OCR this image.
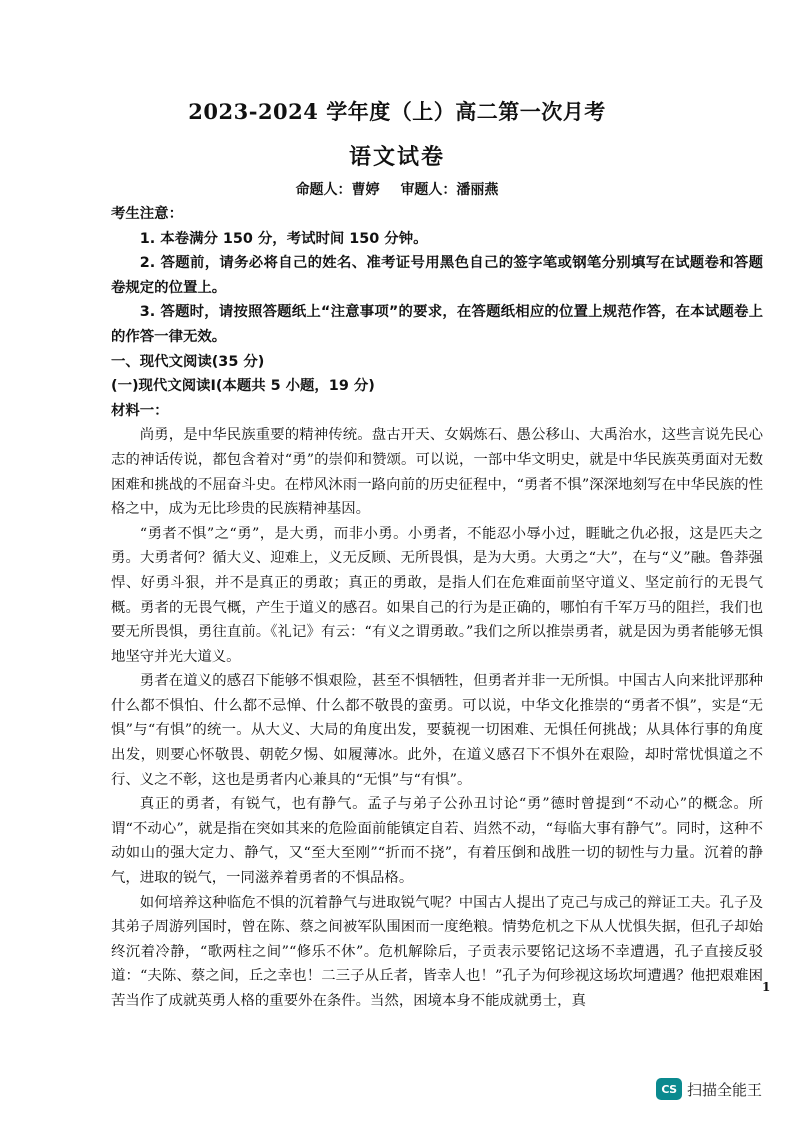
2023-2024 学年度（上）高二第一次月考
语文试卷
命题人：曹婷 审题人：潘丽燕

考生注意：

1. 本卷满分 150 分，考试时间 150 分钟。

2. 答题前，请务必将自己的姓名、准考证号用黑色自己的签字笔或钢笔分别填写在试题卷和答题卷规定的位置上。

3. 答题时，请按照答题纸上“注意事项”的要求，在答题纸相应的位置上规范作答，在本试题卷上的作答一律无效。

一、现代文阅读(35 分)

(一)现代文阅读Ⅰ(本题共 5 小题，19 分)

材料一：

尚勇，是中华民族重要的精神传统。盘古开天、女娲炼石、愚公移山、大禹治水，这些言说先民心志的神话传说，都包含着对“勇”的崇仰和赞颂。可以说，一部中华文明史，就是中华民族英勇面对无数困难和挑战的不屈奋斗史。在栉风沐雨一路向前的历史征程中，“勇者不惧”深深地刻写在中华民族的性格之中，成为无比珍贵的民族精神基因。

“勇者不惧”之“勇”，是大勇，而非小勇。小勇者，不能忍小辱小过，睚眦之仇必报，这是匹夫之勇。大勇者何？循大义、迎难上，义无反顾、无所畏惧，是为大勇。大勇之“大”，在与“义”融。鲁莽强悍、好勇斗狠，并不是真正的勇敢；真正的勇敢，是指人们在危难面前坚守道义、坚定前行的无畏气概。勇者的无畏气概，产生于道义的感召。如果自己的行为是正确的，哪怕有千军万马的阻拦，我们也要无所畏惧，勇往直前。《礼记》有云：“有义之谓勇敢。”我们之所以推崇勇者，就是因为勇者能够无惧地坚守并光大道义。

勇者在道义的感召下能够不惧艰险，甚至不惧牺牲，但勇者并非一无所惧。中国古人向来批评那种什么都不惧怕、什么都不忌惮、什么都不敬畏的蛮勇。可以说，中华文化推崇的“勇者不惧”，实是“无惧”与“有惧”的统一。从大义、大局的角度出发，要藐视一切困难、无惧任何挑战；从具体行事的角度出发，则要心怀敬畏、朝乾夕惕、如履薄冰。此外，在道义感召下不惧外在艰险，却时常忧惧道之不行、义之不彰，这也是勇者内心兼具的“无惧”与“有惧”。

真正的勇者，有锐气，也有静气。孟子与弟子公孙丑讨论“勇”德时曾提到“不动心”的概念。所谓“不动心”，就是指在突如其来的危险面前能镇定自若、岿然不动，“每临大事有静气”。同时，这种不动如山的强大定力、静气，又“至大至刚”“折而不挠”，有着压倒和战胜一切的韧性与力量。沉着的静气，进取的锐气，一同滋养着勇者的不惧品格。

如何培养这种临危不惧的沉着静气与进取锐气呢？中国古人提出了克己与成己的辩证工夫。孔子及其弟子周游列国时，曾在陈、蔡之间被军队围困而一度绝粮。情势危机之下从人忧惧失据，但孔子却始终沉着冷静，“歌两柱之间”“修乐不休”。危机解除后，子贡表示要铭记这场不幸遭遇，孔子直接反驳道：“夫陈、蔡之间，丘之幸也！二三子从丘者，皆幸人也！”孔子为何珍视这场坎坷遭遇？他把艰难困苦当作了成就英勇人格的重要外在条件。当然，困境本身不能成就勇士，真

1
CS 扫描全能王
